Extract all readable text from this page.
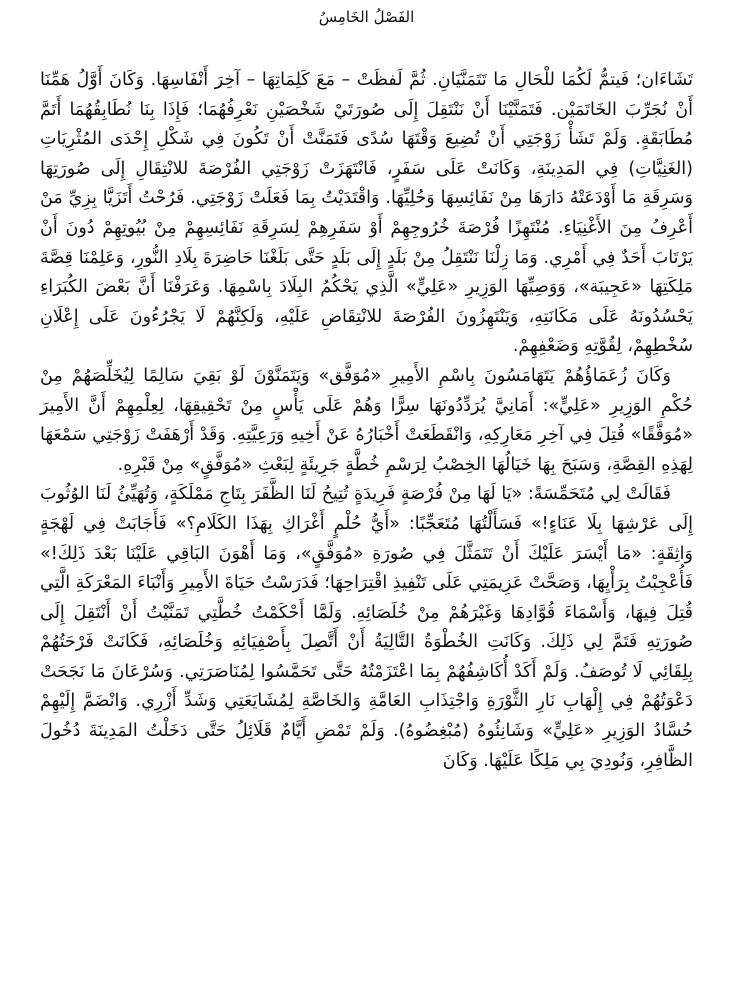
الفَصْلُ الخَامِسُ

تَشَاءَان؛ فَيتمُّ لَكُمَا للْحَالِ مَا تَتَمَنَّيَانِ. ثُمَّ لَفظَتْ – مَعَ كَلِمَاتِهَا – آخِرَ أَنْفَاسِهَا. وَكَانَ أَوَّلُ هَمِّنَا أَنْ نُجَرِّبَ الخَاتَمَيْن. فَتَمَنَّيْنَا أَنْ نَنْتَقِلَ إِلَى صُورَتَيْ شَخْصَيْنِ نَعْرِفُهُمَا؛ فَإِذَا بِنَا نُطَابِقُهُمَا أَتَمَّ مُطَابَقَةٍ. وَلَمْ تَشَأْ زَوْجَتِي أَنْ تُضِيعَ وَقْتَهَا سُدًى فَتَمَنَّتْ أَنْ تَكُونَ فِي شَكْلِ إِحْدَى المُثْرِيَاتِ (الغَنِيَّاتِ) فِي المَدِينَةِ، وَكَانَتْ عَلَى سَفَرٍ، فَانْتَهَزَتْ زَوْجَتِي الفُرْصَةَ للانْتِقَالِ إِلَى صُورَتِهَا وَسَرِقَةِ مَا أَوْدَعَتْهُ دَارَهَا مِنْ نَفَائِسِهَا وَحُلِيِّهَا. وَاقْتَدَيْتُ بِمَا فَعَلَتْ زَوْجَتِي. فَرُحْتُ أَتَزَيَّا بِزِيِّ مَنْ أَعْرِفُ مِنَ الأَغْنِيَاءِ. مُنْتَهِزًا فُرْصَةَ خُرُوجِهِمْ أَوْ سَفَرِهِمْ لِسَرِقَةِ نَفَائِسِهِمْ مِنْ بُيُوتِهِمْ دُونَ أَنْ يَرْتَابَ أَحَدٌ فِي أَمْرِي. وَمَا زِلْنَا نَنْتَقِلُ مِنْ بَلَدٍ إِلَى بَلَدٍ حَتَّى بَلَغْنَا حَاضِرَةَ بِلَادِ النُّورِ، وَعَلِمْنَا قِصَّةَ مَلِكَتِهَا «عَجِيبَة»، وَوَصِيِّهَا الوَزِيرِ «عَلِيٍّ» الَّذِي يَحْكُمُ البِلَادَ بِاسْمِهَا. وَعَرَفْنَا أَنَّ بَعْضَ الكُبَرَاءِ يَحْسُدُونَهُ عَلَى مَكَانَتِهِ، وَيَنْتَهِزُونَ الفُرْصَةَ للانْتِقَاضِ عَلَيْهِ، وَلَكِنَّهُمْ لَا يَجْرُءُونَ عَلَى إِعْلَانِ سُخْطِهِمْ، لِقُوَّتِهِ وَضَعْفِهِمْ.

وَكَانَ زُعَمَاؤُهُمْ يَتَهَامَسُونَ بِاسْمِ الأَمِيرِ «مُوَفَّق» وَيَتَمَنَّوْنَ لَوْ بَقِيَ سَالِمًا لِيُخَلِّصَهُمْ مِنْ حُكْمِ الوَزِيرِ «عَلِيٍّ»: أَمَانِيَّ يُرَدِّدُونَهَا سِرًّا وَهُمْ عَلَى يَأْسٍ مِنْ تَحْقِيقِهَا، لِعِلْمِهِمْ أَنَّ الأَمِيرَ «مُوَفَّقًا» قُتِلَ فِي آخِرِ مَعَارِكِهِ، وَانْقَطَعَتْ أَخْبَارُهُ عَنْ أَخِيهِ وَرَعِيَّتِهِ. وَقَدْ أَرْهَفَتْ زَوْجَتِي سَمْعَهَا لِهَذِهِ القِصَّةِ، وَسَبَحَ بِهَا خَيَالُهَا الخِصْبُ لِرَسْمِ خُطَّةٍ جَرِيئَةٍ لِبَعْثِ «مُوَفَّقٍ» مِنْ قَبْرِهِ.

فَقَالَتْ لِي مُتَحَمِّسَةً: «يَا لَهَا مِنْ فُرْصَةٍ فَرِيدَةٍ تُتِيحُ لَنَا الظَّفَرَ بِتَاجِ مَمْلَكَةٍ، وَتُهَيِّئُ لَنَا الوُثُوبَ إِلَى عَرْشِهَا بِلَا عَنَاءٍ!» فَسَأَلْتُهَا مُتَعَجِّبًا: «أَيُّ حُلْمٍ أَغْرَاكِ بِهَذَا الكَلَامِ؟» فَأَجَابَتْ فِي لَهْجَةٍ وَاثِقَةٍ: «مَا أَيْسَرَ عَلَيْكَ أَنْ تَتَمَثَّلَ فِي صُورَةِ «مُوَفَّقٍ»، وَمَا أَهْوَنَ البَاقِي عَلَيْنَا بَعْدَ ذَلِكَ!» فَأُعْجِبْتُ بِرَأْيِهَا، وَصَحَّتْ عَزِيمَتِي عَلَى تَنْفِيذِ اقْتِرَاحِهَا؛ فَدَرَسْتُ حَيَاةَ الأَمِيرِ وَأَنْبَاءَ المَعْرَكَةِ الَّتِي قُتِلَ فِيهَا، وَأَسْمَاءَ قُوَّادِهَا وَغَيْرَهُمْ مِنْ خُلَصَائِهِ. وَلَمَّا أَحْكَمْتُ خُطَّتِي تَمَنَّيْتُ أَنْ أَنْتَقِلَ إِلَى صُورَتِهِ فَتَمَّ لِي ذَلِكَ. وَكَانَتِ الخُطْوَةُ التَّالِيَةُ أَنْ أَتَّصِلَ بِأَصْفِيَائِهِ وَخُلَصَائِهِ، فَكَانَتْ فَرْحَتُهُمْ بِلِقَائِي لَا تُوصَفُ. وَلَمْ أَكَدْ أُكَاشِفُهُمْ بِمَا اعْتَزَمْتُهُ حَتَّى تَحَمَّسُوا لِمُنَاصَرَتِي. وَسُرْعَانَ مَا نَجَحَتْ دَعْوَتُهُمْ فِي إِلْهَابِ نَارِ الثَّوْرَةِ وَاجْتِذَابِ العَامَّةِ وَالخَاصَّةِ لِمُشَايَعَتِي وَشَدِّ أَزْرِي. وَانْضَمَّ إِلَيْهِمْ حُسَّادُ الوَزِيرِ «عَلِيٍّ» وَشَانِئُوهُ (مُبْغِضُوهُ). وَلَمْ تَمْضِ أَيَّامٌ قَلَائِلُ حَتَّى دَخَلْتُ المَدِينَةَ دُخُولَ الظَّافِرِ، وَنُودِيَ بِي مَلِكًا عَلَيْهَا. وَكَانَ
